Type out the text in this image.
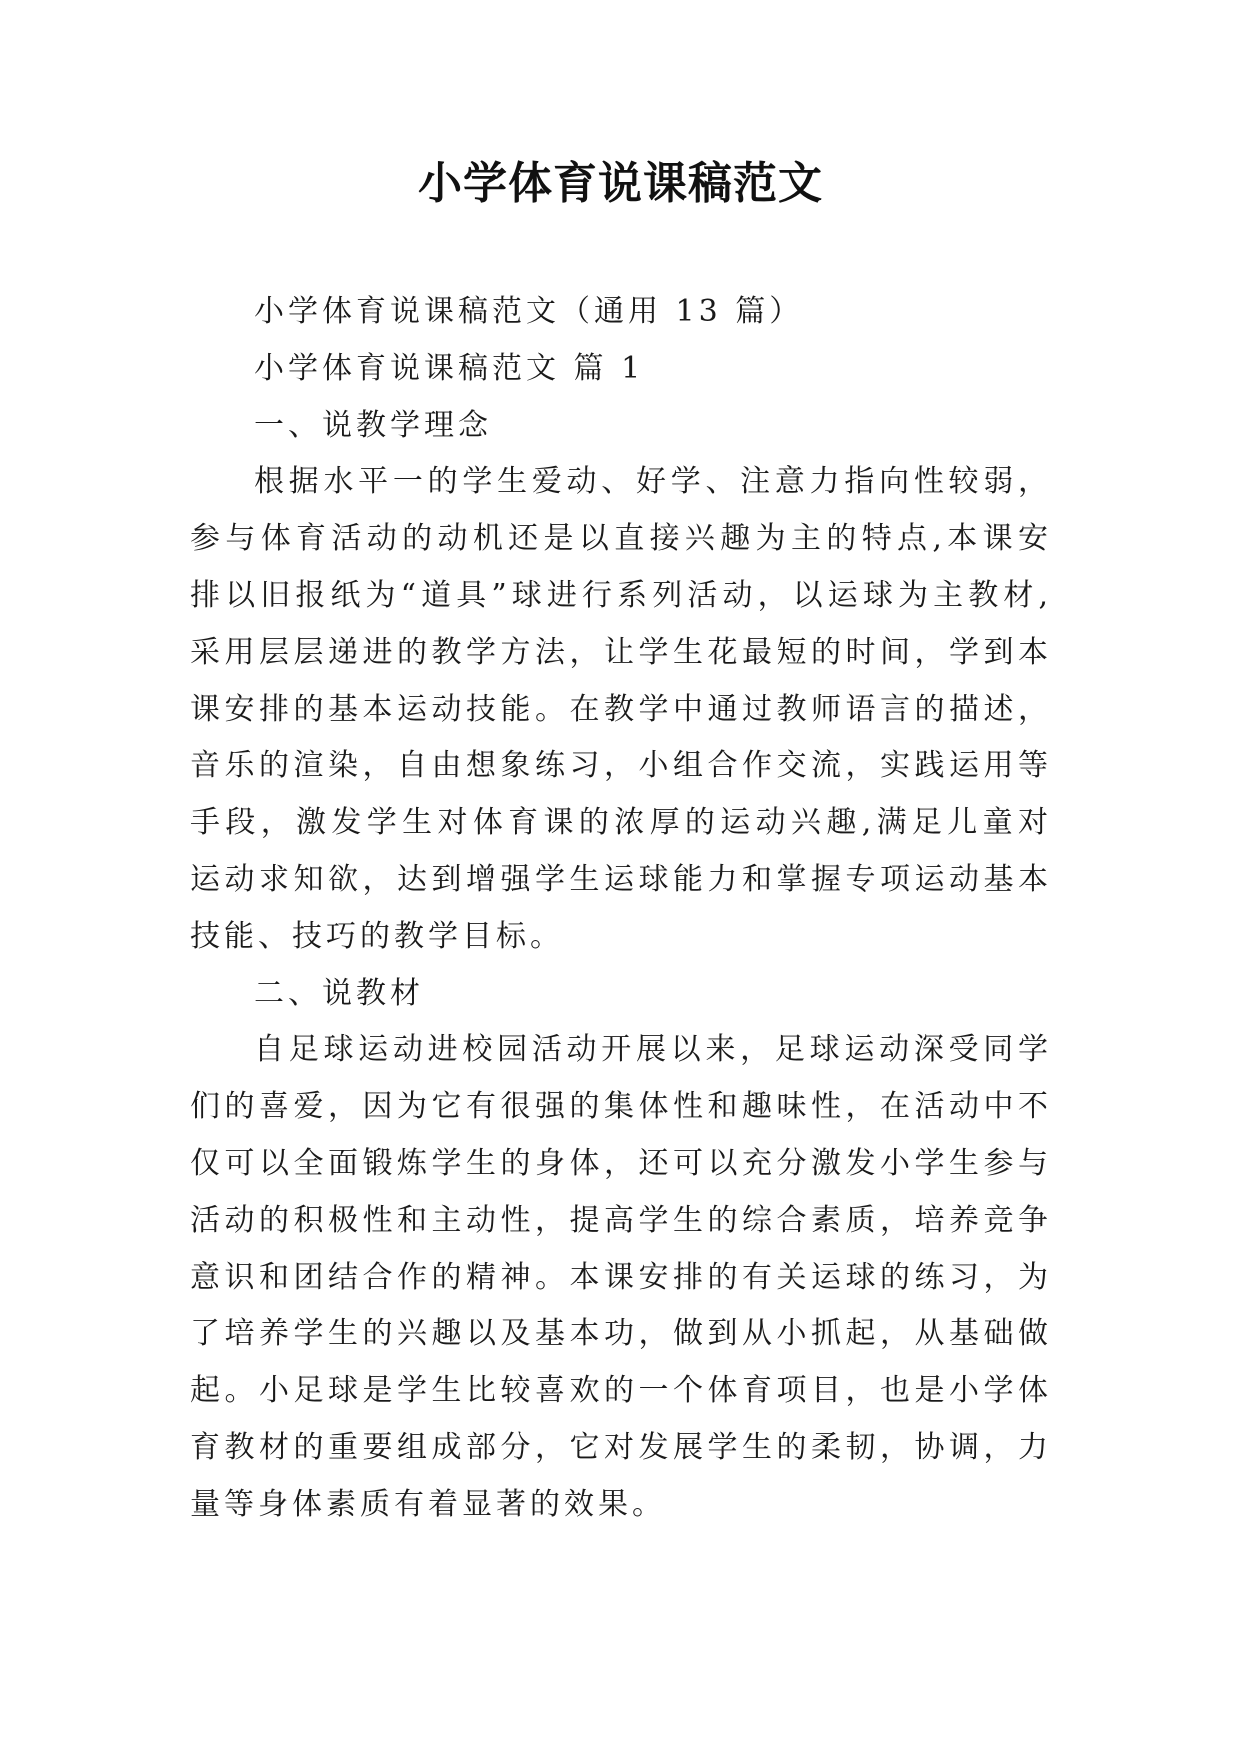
小学体育说课稿范文

小学体育说课稿范文（通用 13 篇）

小学体育说课稿范文 篇 1

一、说教学理念

根据水平一的学生爱动、好学、注意力指向性较弱，参与体育活动的动机还是以直接兴趣为主的特点,本课安排以旧报纸为“道具”球进行系列活动，以运球为主教材,采用层层递进的教学方法，让学生花最短的时间，学到本课安排的基本运动技能。在教学中通过教师语言的描述，音乐的渲染，自由想象练习，小组合作交流，实践运用等手段，激发学生对体育课的浓厚的运动兴趣,满足儿童对运动求知欲，达到增强学生运球能力和掌握专项运动基本技能、技巧的教学目标。

二、说教材

自足球运动进校园活动开展以来，足球运动深受同学们的喜爱，因为它有很强的集体性和趣味性，在活动中不仅可以全面锻炼学生的身体，还可以充分激发小学生参与活动的积极性和主动性，提高学生的综合素质，培养竞争意识和团结合作的精神。本课安排的有关运球的练习，为了培养学生的兴趣以及基本功，做到从小抓起，从基础做起。小足球是学生比较喜欢的一个体育项目，也是小学体育教材的重要组成部分，它对发展学生的柔韧，协调，力量等身体素质有着显著的效果。
